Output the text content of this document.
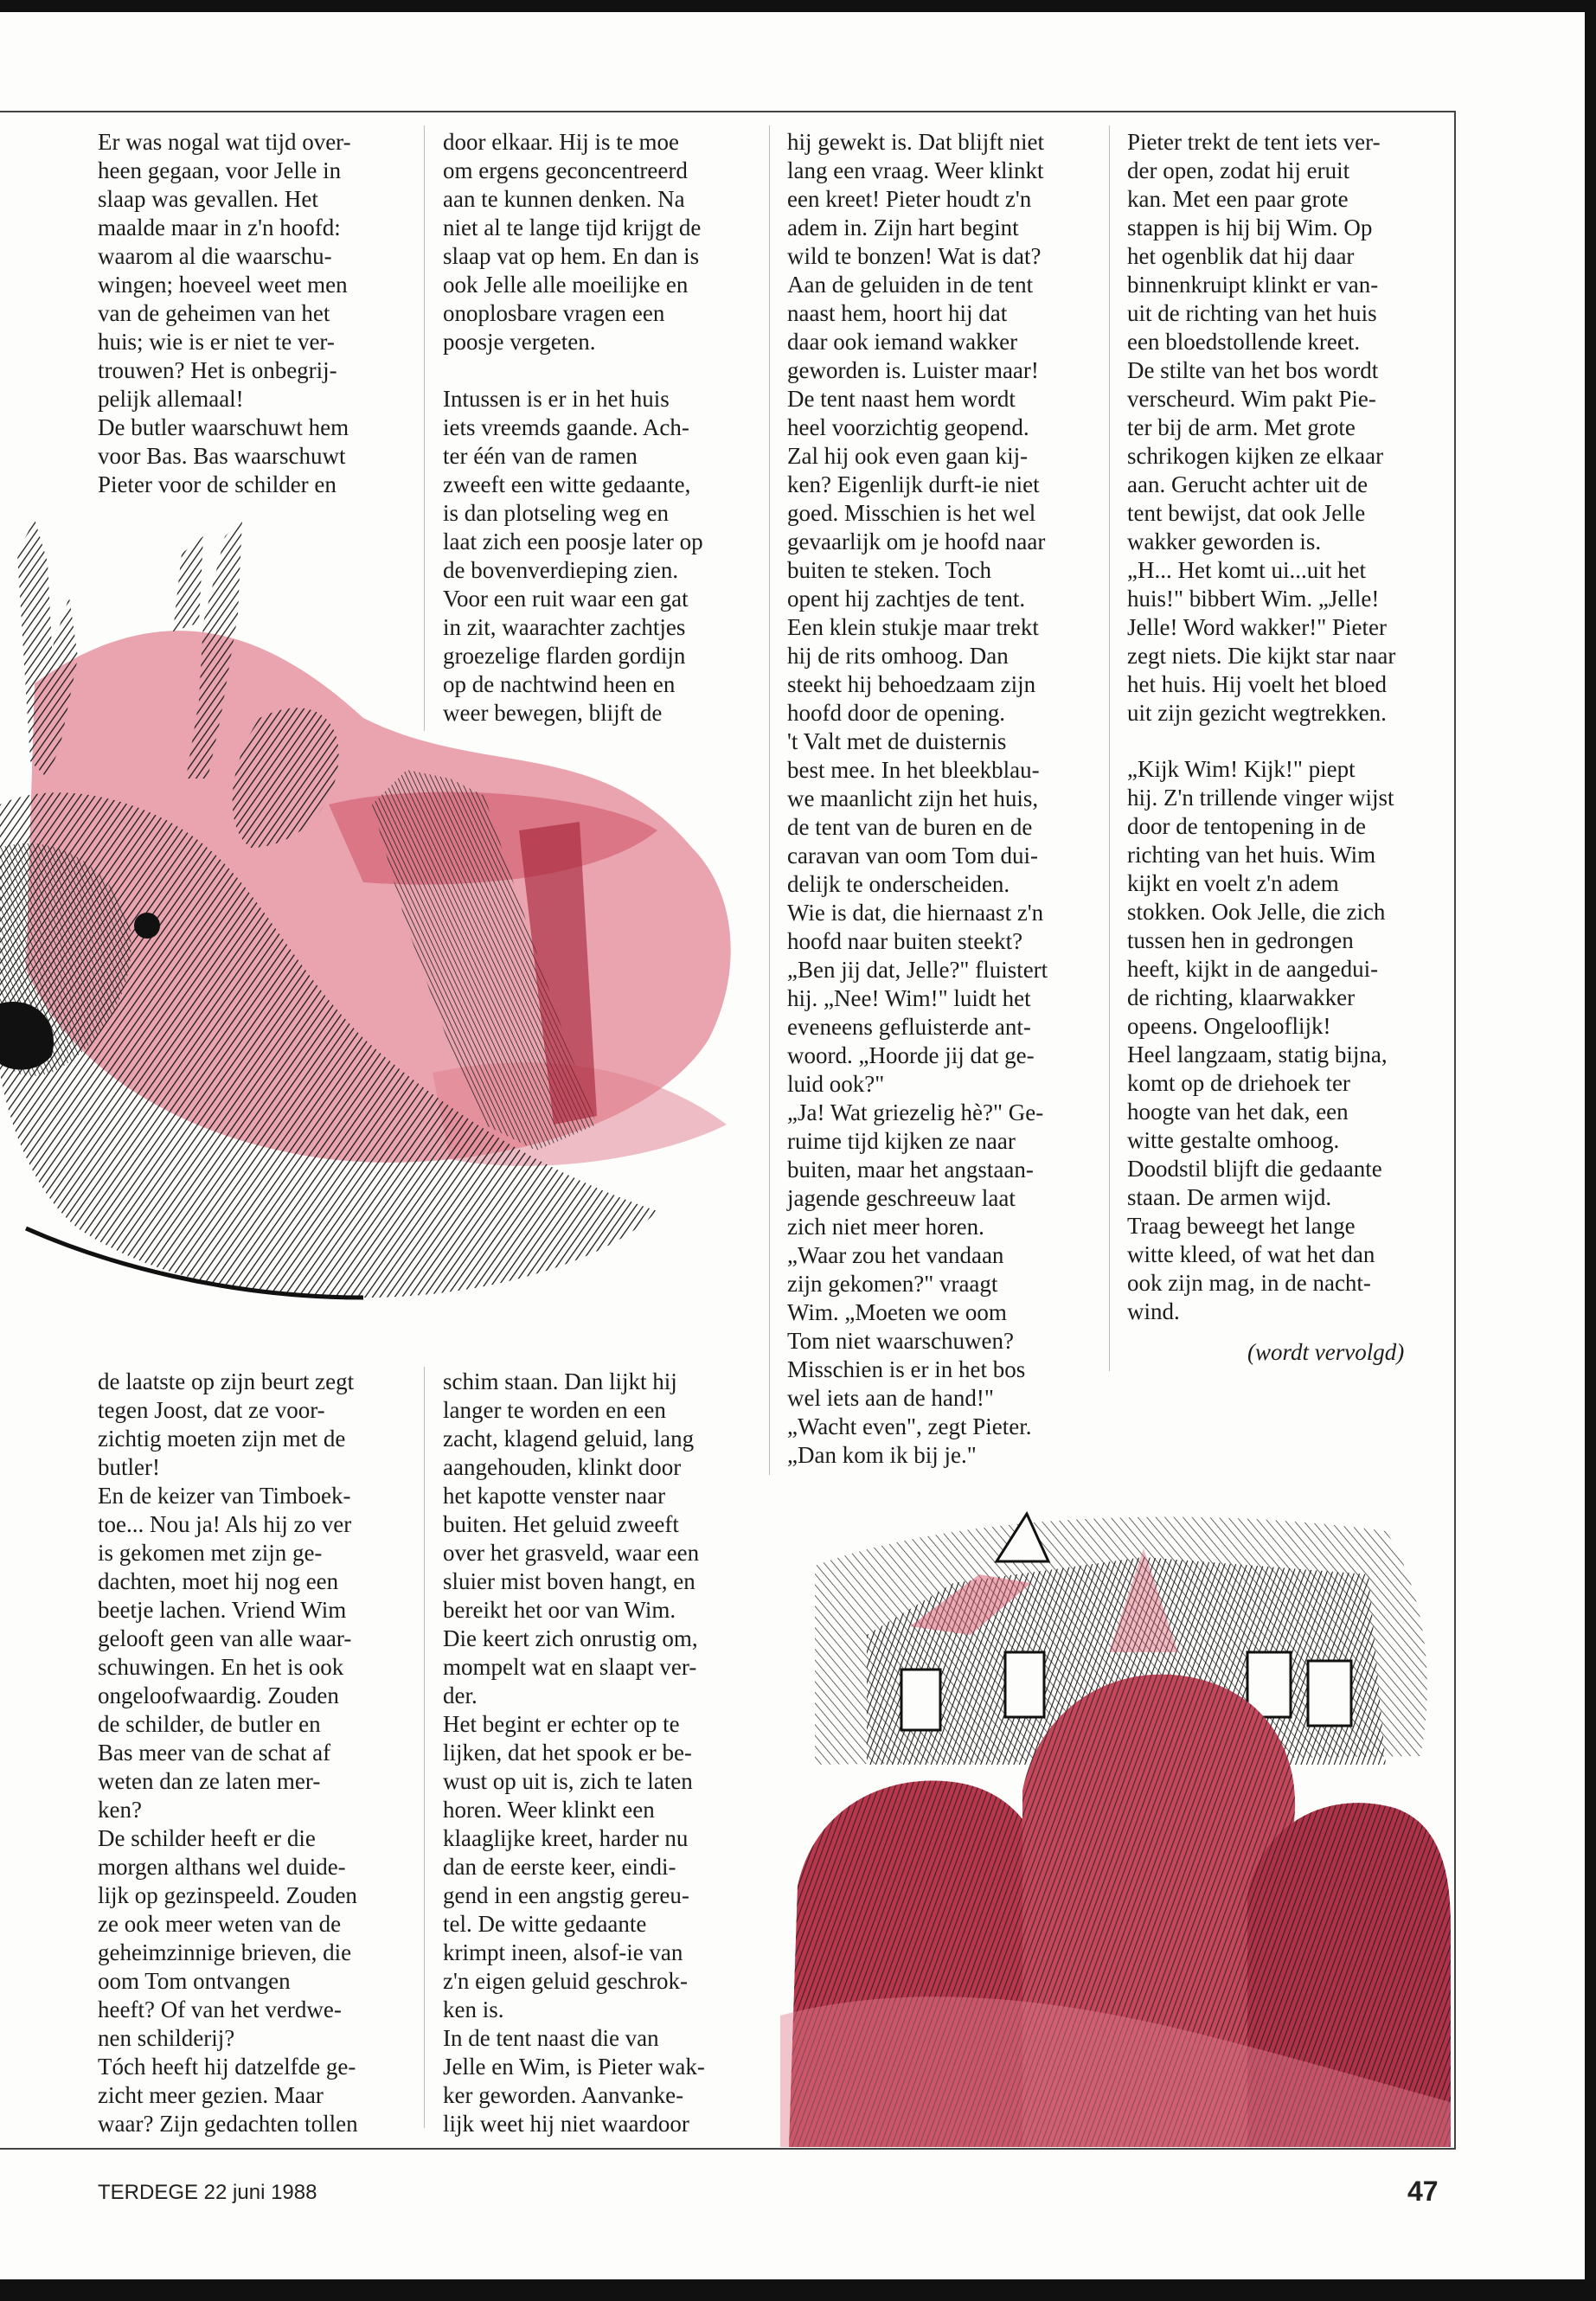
Er was nogal wat tijd over-
heen gegaan, voor Jelle in
slaap was gevallen. Het
maalde maar in z'n hoofd:
waarom al die waarschu-
wingen; hoeveel weet men
van de geheimen van het
huis; wie is er niet te ver-
trouwen? Het is onbegrij-
pelijk allemaal!
De butler waarschuwt hem
voor Bas. Bas waarschuwt
Pieter voor de schilder en
de laatste op zijn beurt zegt
tegen Joost, dat ze voor-
zichtig moeten zijn met de
butler!
En de keizer van Timboek-
toe... Nou ja! Als hij zo ver
is gekomen met zijn ge-
dachten, moet hij nog een
beetje lachen. Vriend Wim
gelooft geen van alle waar-
schuwingen. En het is ook
ongeloofwaardig. Zouden
de schilder, de butler en
Bas meer van de schat af
weten dan ze laten mer-
ken?
De schilder heeft er die
morgen althans wel duide-
lijk op gezinspeeld. Zouden
ze ook meer weten van de
geheimzinnige brieven, die
oom Tom ontvangen
heeft? Of van het verdwe-
nen schilderij?
Tóch heeft hij datzelfde ge-
zicht meer gezien. Maar
waar? Zijn gedachten tollen
door elkaar. Hij is te moe
om ergens geconcentreerd
aan te kunnen denken. Na
niet al te lange tijd krijgt de
slaap vat op hem. En dan is
ook Jelle alle moeilijke en
onoplosbare vragen een
poosje vergeten.
Intussen is er in het huis
iets vreemds gaande. Ach-
ter één van de ramen
zweeft een witte gedaante,
is dan plotseling weg en
laat zich een poosje later op
de bovenverdieping zien.
Voor een ruit waar een gat
in zit, waarachter zachtjes
groezelige flarden gordijn
op de nachtwind heen en
weer bewegen, blijft de
schim staan. Dan lijkt hij
langer te worden en een
zacht, klagend geluid, lang
aangehouden, klinkt door
het kapotte venster naar
buiten. Het geluid zweeft
over het grasveld, waar een
sluier mist boven hangt, en
bereikt het oor van Wim.
Die keert zich onrustig om,
mompelt wat en slaapt ver-
der.
Het begint er echter op te
lijken, dat het spook er be-
wust op uit is, zich te laten
horen. Weer klinkt een
klaaglijke kreet, harder nu
dan de eerste keer, eindi-
gend in een angstig gereu-
tel. De witte gedaante
krimpt ineen, alsof-ie van
z'n eigen geluid geschrok-
ken is.
In de tent naast die van
Jelle en Wim, is Pieter wak-
ker geworden. Aanvanke-
lijk weet hij niet waardoor
hij gewekt is. Dat blijft niet
lang een vraag. Weer klinkt
een kreet! Pieter houdt z'n
adem in. Zijn hart begint
wild te bonzen! Wat is dat?
Aan de geluiden in de tent
naast hem, hoort hij dat
daar ook iemand wakker
geworden is. Luister maar!
De tent naast hem wordt
heel voorzichtig geopend.
Zal hij ook even gaan kij-
ken? Eigenlijk durft-ie niet
goed. Misschien is het wel
gevaarlijk om je hoofd naar
buiten te steken. Toch
opent hij zachtjes de tent.
Een klein stukje maar trekt
hij de rits omhoog. Dan
steekt hij behoedzaam zijn
hoofd door de opening.
't Valt met de duisternis
best mee. In het bleekblau-
we maanlicht zijn het huis,
de tent van de buren en de
caravan van oom Tom dui-
delijk te onderscheiden.
Wie is dat, die hiernaast z'n
hoofd naar buiten steekt?
„Ben jij dat, Jelle?" fluistert
hij. „Nee! Wim!" luidt het
eveneens gefluisterde ant-
woord. „Hoorde jij dat ge-
luid ook?"
„Ja! Wat griezelig hè?" Ge-
ruime tijd kijken ze naar
buiten, maar het angstaan-
jagende geschreeuw laat
zich niet meer horen.
„Waar zou het vandaan
zijn gekomen?" vraagt
Wim. „Moeten we oom
Tom niet waarschuwen?
Misschien is er in het bos
wel iets aan de hand!"
„Wacht even", zegt Pieter.
„Dan kom ik bij je."
Pieter trekt de tent iets ver-
der open, zodat hij eruit
kan. Met een paar grote
stappen is hij bij Wim. Op
het ogenblik dat hij daar
binnenkruipt klinkt er van-
uit de richting van het huis
een bloedstollende kreet.
De stilte van het bos wordt
verscheurd. Wim pakt Pie-
ter bij de arm. Met grote
schrikogen kijken ze elkaar
aan. Gerucht achter uit de
tent bewijst, dat ook Jelle
wakker geworden is.
„H... Het komt ui...uit het
huis!" bibbert Wim. „Jelle!
Jelle! Word wakker!" Pieter
zegt niets. Die kijkt star naar
het huis. Hij voelt het bloed
uit zijn gezicht wegtrekken.
„Kijk Wim! Kijk!" piept
hij. Z'n trillende vinger wijst
door de tentopening in de
richting van het huis. Wim
kijkt en voelt z'n adem
stokken. Ook Jelle, die zich
tussen hen in gedrongen
heeft, kijkt in de aangedui-
de richting, klaarwakker
opeens. Ongelooflijk!
Heel langzaam, statig bijna,
komt op de driehoek ter
hoogte van het dak, een
witte gestalte omhoog.
Doodstil blijft die gedaante
staan. De armen wijd.
Traag beweegt het lange
witte kleed, of wat het dan
ook zijn mag, in de nacht-
wind.
(wordt vervolgd)
TERDEGE 22 juni 1988	47
